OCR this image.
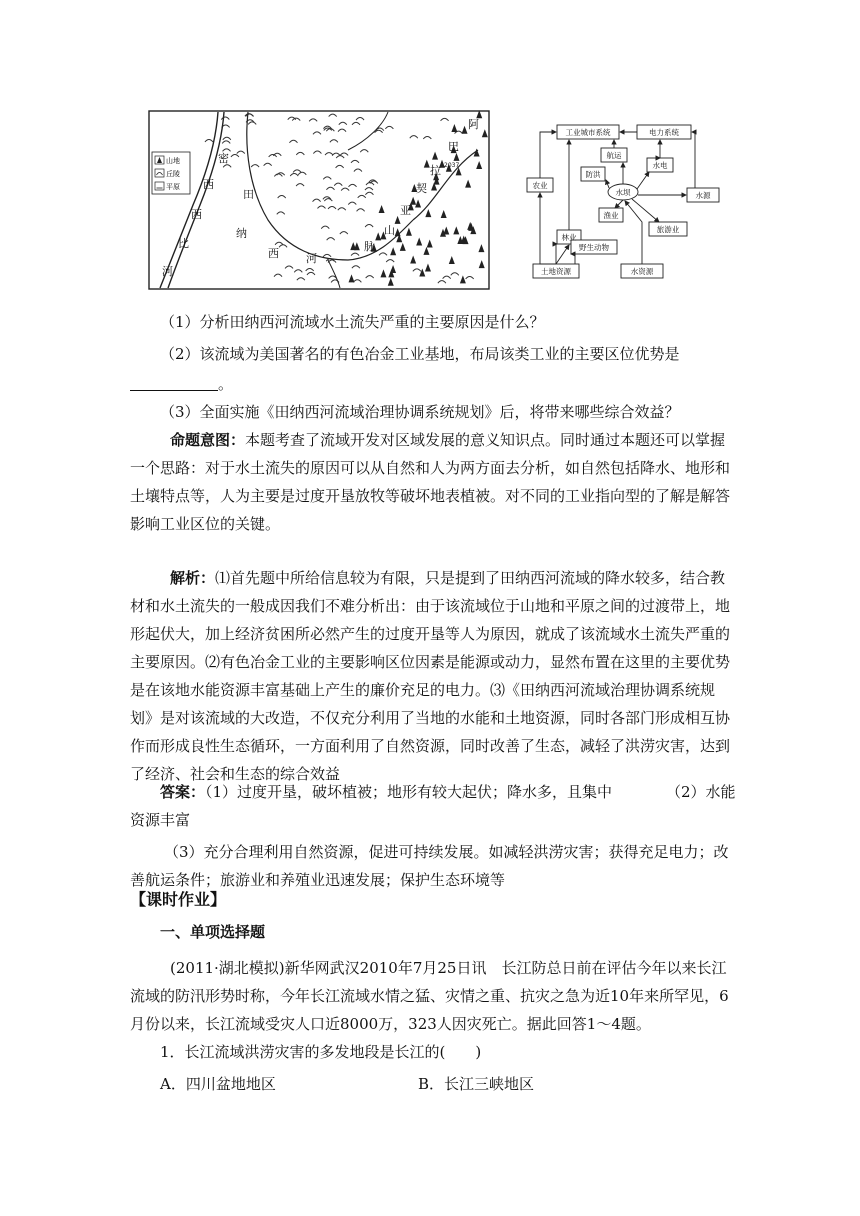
山地
丘陵
平原
密
西
西
比
河
田
纳
西 河
阿
巴
拉
契
亚
山
脉
2037
工业城市系统	电力系统
农业
航运
防洪
水电
水坝	水源
林业
渔业
旅游业
野生动物
土地资源	水资源
（1）分析田纳西河流域水土流失严重的主要原因是什么？
（2）该流域为美国著名的有色冶金工业基地，布局该类工业的主要区位优势是
。
（3）全面实施《田纳西河流域治理协调系统规划》后，将带来哪些综合效益？
命题意图：本题考查了流域开发对区域发展的意义知识点。同时通过本题还可以掌握一个思路：对于水土流失的原因可以从自然和人为两方面去分析，如自然包括降水、地形和土壤特点等，人为主要是过度开垦放牧等破坏地表植被。对不同的工业指向型的了解是解答影响工业区位的关键。
解析：⑴首先题中所给信息较为有限，只是提到了田纳西河流域的降水较多，结合教材和水土流失的一般成因我们不难分析出：由于该流域位于山地和平原之间的过渡带上，地形起伏大，加上经济贫困所必然产生的过度开垦等人为原因，就成了该流域水土流失严重的主要原因。⑵有色冶金工业的主要影响区位因素是能源或动力，显然布置在这里的主要优势是在该地水能资源丰富基础上产生的廉价充足的电力。⑶《田纳西河流域治理协调系统规划》是对该流域的大改造，不仅充分利用了当地的水能和土地资源，同时各部门形成相互协作而形成良性生态循环，一方面利用了自然资源，同时改善了生态，减轻了洪涝灾害，达到了经济、社会和生态的综合效益
答案：（1）过度开垦，破坏植被；地形有较大起伏；降水多，且集中	（2）水能
资源丰富
（3）充分合理利用自然资源，促进可持续发展。如减轻洪涝灾害；获得充足电力；改善航运条件；旅游业和养殖业迅速发展；保护生态环境等
【课时作业】
一、单项选择题
(2011·湖北模拟)新华网武汉2010年7月25日讯　长江防总日前在评估今年以来长江流域的防汛形势时称，今年长江流域水情之猛、灾情之重、抗灾之急为近10年来所罕见，6月份以来，长江流域受灾人口近8000万，323人因灾死亡。据此回答1～4题。
1．长江流域洪涝灾害的多发地段是长江的(　　)
A．四川盆地地区	B．长江三峡地区
